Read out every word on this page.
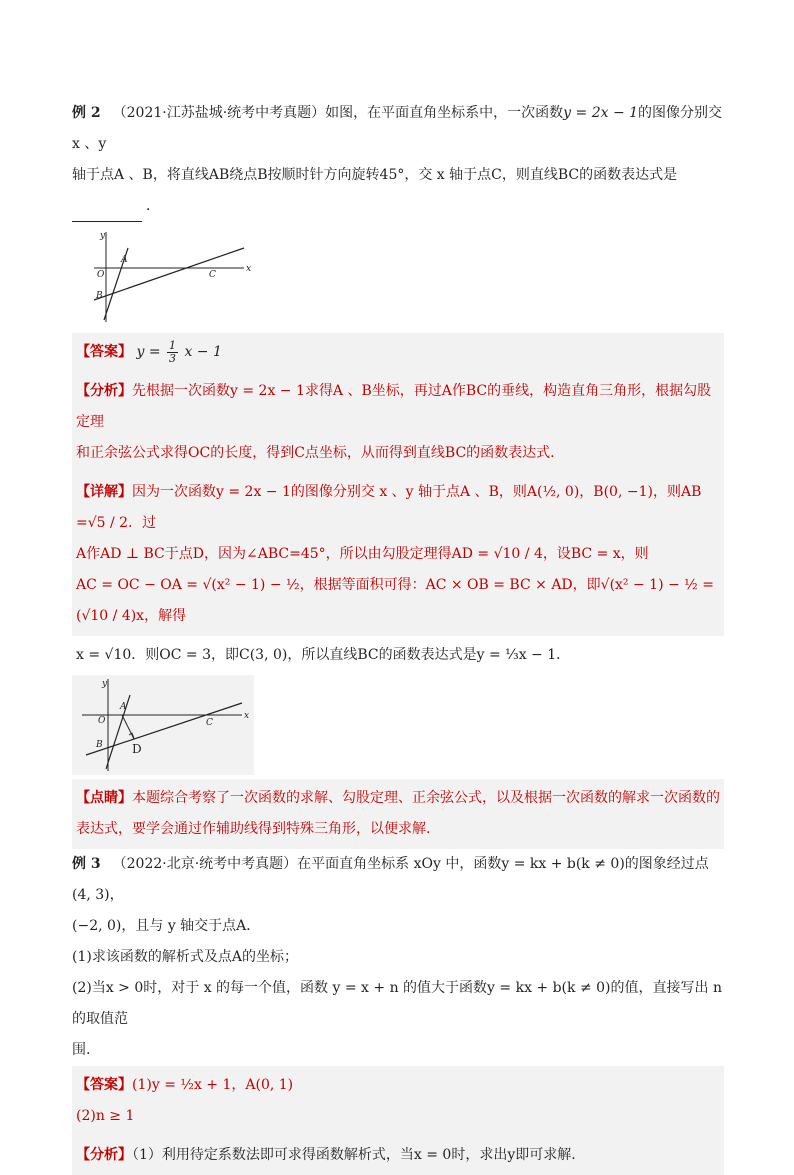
例 2 （2021·江苏盐城·统考中考真题）如图，在平面直角坐标系中，一次函数y = 2x − 1的图像分别交 x 、y

轴于点A 、B，将直线AB绕点B按顺时针方向旋转45°，交 x 轴于点C，则直线BC的函数表达式是

．

y
x
O
A
B
C
【答案】 $y = \frac{1}{3}$ x − 1
【分析】先根据一次函数y = 2x − 1求得A 、B坐标，再过A作BC的垂线，构造直角三角形，根据勾股定理
和正余弦公式求得OC的长度，得到C点坐标，从而得到直线BC的函数表达式.
【详解】因为一次函数y = 2x − 1的图像分别交 x 、y 轴于点A 、B，则A(½, 0)，B(0, −1)，则AB =√5 / 2．过
A作AD ⊥ BC于点D，因为∠ABC=45°，所以由勾股定理得AD = √10 / 4，设BC = x，则
AC = OC − OA = √(x² − 1) − ½，根据等面积可得：AC × OB = BC × AD，即√(x² − 1) − ½ = (√10 / 4)x，解得
x = √10．则OC = 3，即C(3, 0)，所以直线BC的函数表达式是y = ⅓x − 1．
y
x
O
A
B
C
D
【点睛】本题综合考察了一次函数的求解、勾股定理、正余弦公式，以及根据一次函数的解求一次函数的
表达式，要学会通过作辅助线得到特殊三角形，以便求解.

例 3 （2022·北京·统考中考真题）在平面直角坐标系 xOy 中，函数y = kx + b(k ≠ 0)的图象经过点(4, 3)，

(−2, 0)，且与 y 轴交于点A．

(1)求该函数的解析式及点A的坐标；

(2)当x > 0时，对于 x 的每一个值，函数 y = x + n 的值大于函数y = kx + b(k ≠ 0)的值，直接写出 n 的取值范

围.

【答案】(1)y = ½x + 1，A(0, 1)
(2)n ≥ 1
【分析】（1）利用待定系数法即可求得函数解析式，当x = 0时，求出y即可求解.
